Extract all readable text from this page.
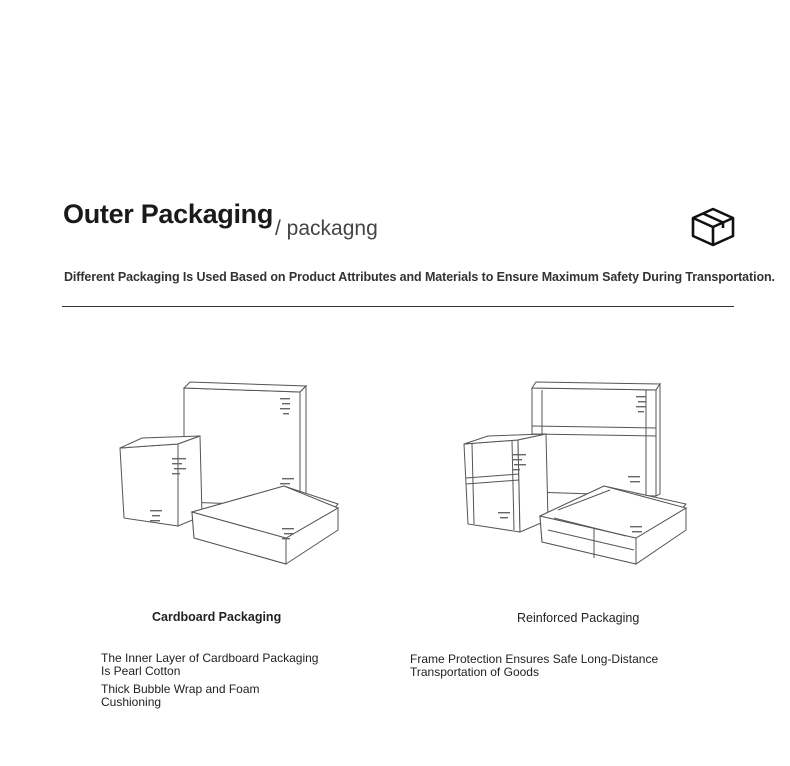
Outer Packaging / packagng
Different Packaging Is Used Based on Product Attributes and Materials to Ensure Maximum Safety During Transportation.
Cardboard Packaging	Reinforced Packaging
The Inner Layer of Cardboard Packaging Is Pearl Cotton
Thick Bubble Wrap and Foam Cushioning
Frame Protection Ensures Safe Long-Distance Transportation of Goods
